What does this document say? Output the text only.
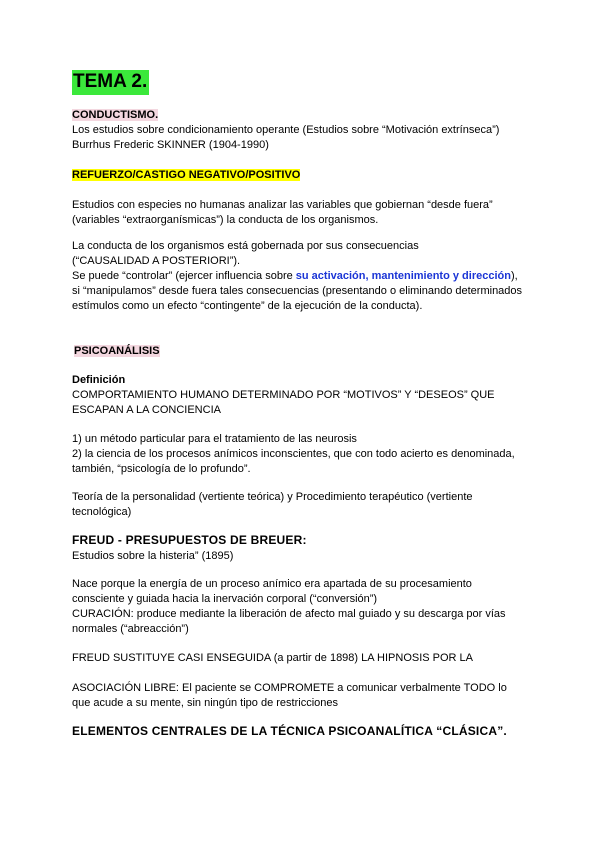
TEMA 2.
CONDUCTISMO.
Los estudios sobre condicionamiento operante (Estudios sobre “Motivación extrínseca”)
Burrhus Frederic SKINNER (1904-1990)
REFUERZO/CASTIGO NEGATIVO/POSITIVO
Estudios con especies no humanas analizar las variables que gobiernan “desde fuera”
(variables “extraorganísmicas”) la conducta de los organismos.
La conducta de los organismos está gobernada por sus consecuencias
(“CAUSALIDAD A POSTERIORI”).
Se puede “controlar” (ejercer influencia sobre su activación, mantenimiento y dirección),
si “manipulamos” desde fuera tales consecuencias (presentando o eliminando determinados
estímulos como un efecto “contingente” de la ejecución de la conducta).
PSICOANÁLISIS
Definición
COMPORTAMIENTO HUMANO DETERMINADO POR “MOTIVOS” Y “DESEOS” QUE
ESCAPAN A LA CONCIENCIA
1) un método particular para el tratamiento de las neurosis
2) la ciencia de los procesos anímicos inconscientes, que con todo acierto es denominada,
también, “psicología de lo profundo”.
Teoría de la personalidad (vertiente teórica) y Procedimiento terapéutico (vertiente
tecnológica)
FREUD - PRESUPUESTOS DE BREUER:
Estudios sobre la histeria” (1895)
Nace porque la energía de un proceso anímico era apartada de su procesamiento
consciente y guiada hacia la inervación corporal (“conversión”)
CURACIÓN: produce mediante la liberación de afecto mal guiado y su descarga por vías
normales (“abreacción”)
FREUD SUSTITUYE CASI ENSEGUIDA (a partir de 1898) LA HIPNOSIS POR LA
ASOCIACIÓN LIBRE: El paciente se COMPROMETE a comunicar verbalmente TODO lo
que acude a su mente, sin ningún tipo de restricciones
ELEMENTOS CENTRALES DE LA TÉCNICA PSICOANALÍTICA “CLÁSICA”.
